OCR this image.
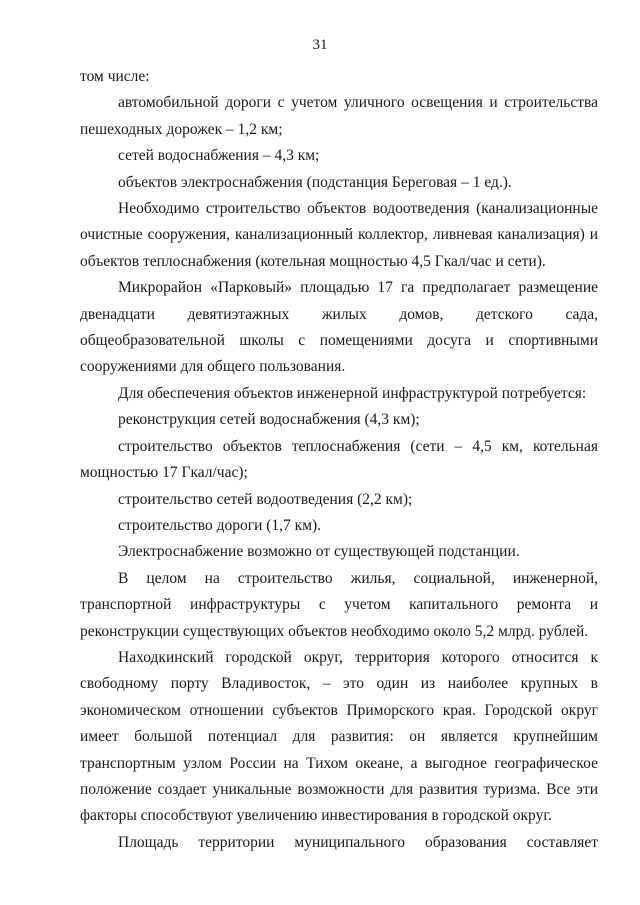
31

том числе:

автомобильной дороги с учетом уличного освещения и строительства пешеходных дорожек – 1,2 км;

сетей водоснабжения – 4,3 км;

объектов электроснабжения (подстанция Береговая – 1 ед.).

Необходимо строительство объектов водоотведения (канализационные очистные сооружения, канализационный коллектор, ливневая канализация) и объектов теплоснабжения (котельная мощностью 4,5 Гкал/час и сети).

Микрорайон «Парковый» площадью 17 га предполагает размещение двенадцати девятиэтажных жилых домов, детского сада, общеобразовательной школы с помещениями досуга и спортивными сооружениями для общего пользования.

Для обеспечения объектов инженерной инфраструктурой потребуется:

реконструкция сетей водоснабжения (4,3 км);

строительство объектов теплоснабжения (сети – 4,5 км, котельная мощностью 17 Гкал/час);

строительство сетей водоотведения (2,2 км);

строительство дороги (1,7 км).

Электроснабжение возможно от существующей подстанции.

В целом на строительство жилья, социальной, инженерной, транспортной инфраструктуры с учетом капитального ремонта и реконструкции существующих объектов необходимо около 5,2 млрд. рублей.

Находкинский городской округ, территория которого относится к свободному порту Владивосток, – это один из наиболее крупных в экономическом отношении субъектов Приморского края. Городской округ имеет большой потенциал для развития: он является крупнейшим транспортным узлом России на Тихом океане, а выгодное географическое положение создает уникальные возможности для развития туризма. Все эти факторы способствуют увеличению инвестирования в городской округ.

Площадь территории муниципального образования составляет
